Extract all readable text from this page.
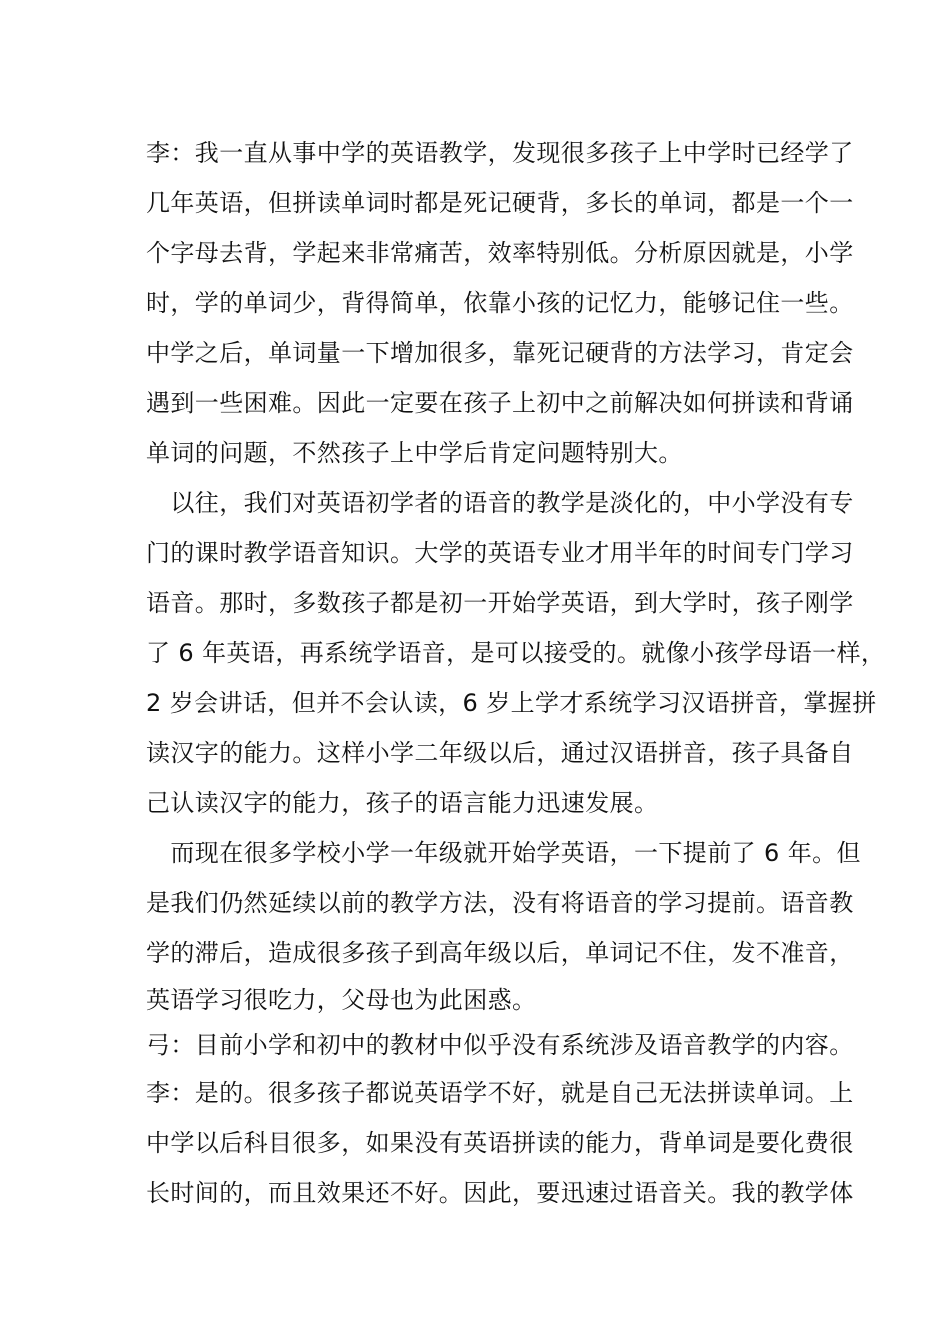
李：我一直从事中学的英语教学，发现很多孩子上中学时已经学了
几年英语，但拼读单词时都是死记硬背，多长的单词，都是一个一
个字母去背，学起来非常痛苦，效率特别低。分析原因就是，小学
时，学的单词少，背得简单，依靠小孩的记忆力，能够记住一些。
中学之后，单词量一下增加很多，靠死记硬背的方法学习，肯定会
遇到一些困难。因此一定要在孩子上初中之前解决如何拼读和背诵
单词的问题，不然孩子上中学后肯定问题特别大。
　以往，我们对英语初学者的语音的教学是淡化的，中小学没有专
门的课时教学语音知识。大学的英语专业才用半年的时间专门学习
语音。那时，多数孩子都是初一开始学英语，到大学时，孩子刚学
了 6 年英语，再系统学语音，是可以接受的。就像小孩学母语一样，
2 岁会讲话，但并不会认读，6 岁上学才系统学习汉语拼音，掌握拼
读汉字的能力。这样小学二年级以后，通过汉语拼音，孩子具备自
己认读汉字的能力，孩子的语言能力迅速发展。
　而现在很多学校小学一年级就开始学英语，一下提前了 6 年。但
是我们仍然延续以前的教学方法，没有将语音的学习提前。语音教
学的滞后，造成很多孩子到高年级以后，单词记不住，发不准音，
英语学习很吃力，父母也为此困惑。
弓：目前小学和初中的教材中似乎没有系统涉及语音教学的内容。
李：是的。很多孩子都说英语学不好，就是自己无法拼读单词。上
中学以后科目很多，如果没有英语拼读的能力，背单词是要化费很
长时间的，而且效果还不好。因此，要迅速过语音关。我的教学体
